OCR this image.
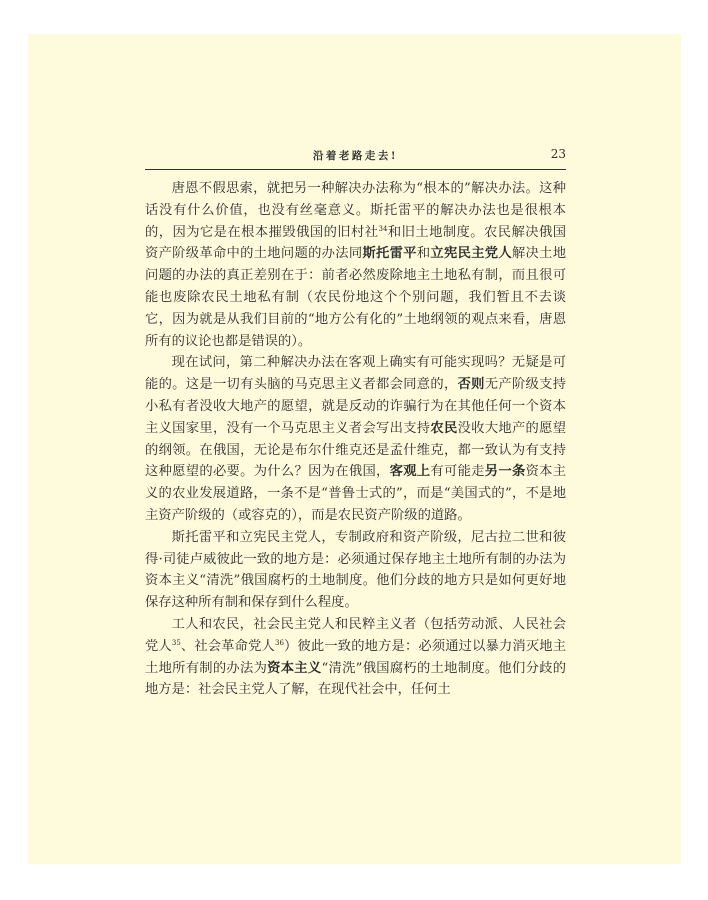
沿着老路走去!	23

唐恩不假思索，就把另一种解决办法称为“根本的”解决办法。这种话没有什么价值，也没有丝毫意义。斯托雷平的解决办法也是很根本的，因为它是在根本摧毁俄国的旧村社$^{34}$和旧土地制度。农民解决俄国资产阶级革命中的土地问题的办法同斯托雷平和立宪民主党人解决土地问题的办法的真正差别在于：前者必然废除地主土地私有制，而且很可能也废除农民土地私有制（农民份地这个个别问题，我们暂且不去谈它，因为就是从我们目前的“地方公有化的”土地纲领的观点来看，唐恩所有的议论也都是错误的）。

现在试问，第二种解决办法在客观上确实有可能实现吗？无疑是可能的。这是一切有头脑的马克思主义者都会同意的，否则无产阶级支持小私有者没收大地产的愿望，就是反动的诈骗行为在其他任何一个资本主义国家里，没有一个马克思主义者会写出支持农民没收大地产的愿望的纲领。在俄国，无论是布尔什维克还是孟什维克，都一致认为有支持这种愿望的必要。为什么？因为在俄国，客观上有可能走另一条资本主义的农业发展道路，一条不是“普鲁士式的”，而是“美国式的”，不是地主资产阶级的（或容克的），而是农民资产阶级的道路。

斯托雷平和立宪民主党人，专制政府和资产阶级，尼古拉二世和彼得·司徒卢威彼此一致的地方是：必须通过保存地主土地所有制的办法为资本主义“清洗”俄国腐朽的土地制度。他们分歧的地方只是如何更好地保存这种所有制和保存到什么程度。

工人和农民，社会民主党人和民粹主义者（包括劳动派、人民社会党人$^{35}$、社会革命党人$^{36}$）彼此一致的地方是：必须通过以暴力消灭地主土地所有制的办法为资本主义“清洗”俄国腐朽的土地制度。他们分歧的地方是：社会民主党人了解，在现代社会中，任何土
